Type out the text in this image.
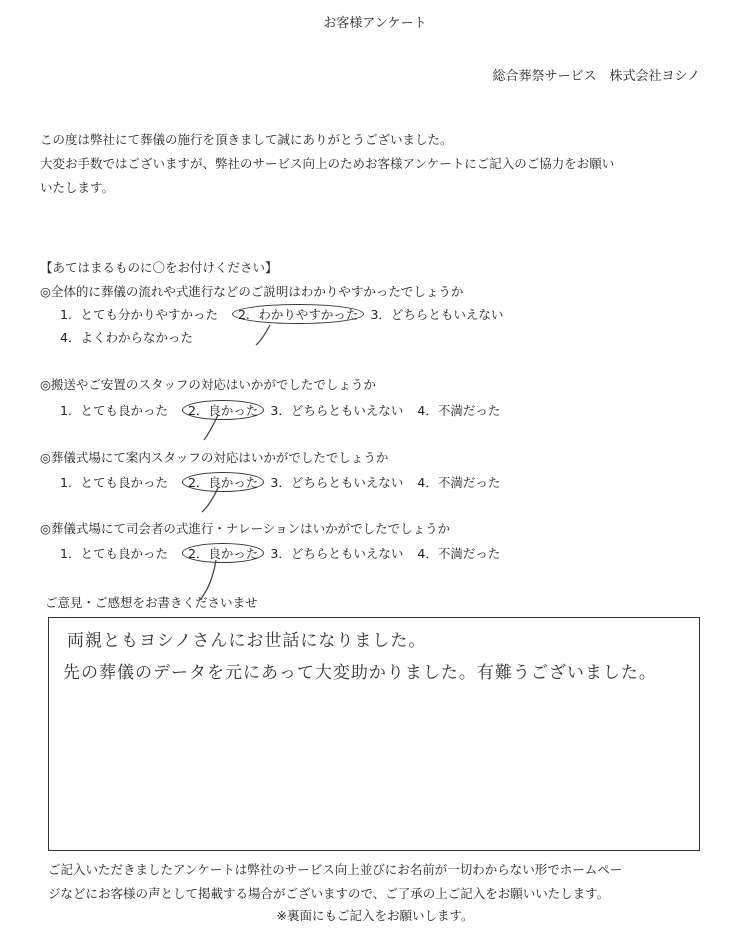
お客様アンケート
総合葬祭サービス　株式会社ヨシノ
この度は弊社にて葬儀の施行を頂きまして誠にありがとうございました。
大変お手数ではございますが、弊社のサービス向上のためお客様アンケートにご記入のご協力をお願い
いたします。
【あてはまるものに〇をお付けください】
◎全体的に葬儀の流れや式進行などのご説明はわかりやすかったでしょうか
1．とても分かりやすかった 2．わかりやすかった 3．どちらともいえない
4．よくわからなかった
◎搬送やご安置のスタッフの対応はいかがでしたでしょうか
1．とても良かった 2．良かった 3．どちらともいえない 4．不満だった
◎葬儀式場にて案内スタッフの対応はいかがでしたでしょうか
1．とても良かった 2．良かった 3．どちらともいえない 4．不満だった
◎葬儀式場にて司会者の式進行・ナレーションはいかがでしたでしょうか
1．とても良かった 2．良かった 3．どちらともいえない 4．不満だった
ご意見・ご感想をお書きくださいませ
両親ともヨシノさんにお世話になりました。
先の葬儀のデータを元にあって大変助かりました。有難うございました。
ご記入いただきましたアンケートは弊社のサービス向上並びにお名前が一切わからない形でホームペー
ジなどにお客様の声として掲載する場合がございますので、ご了承の上ご記入をお願いいたします。
※裏面にもご記入をお願いします。
